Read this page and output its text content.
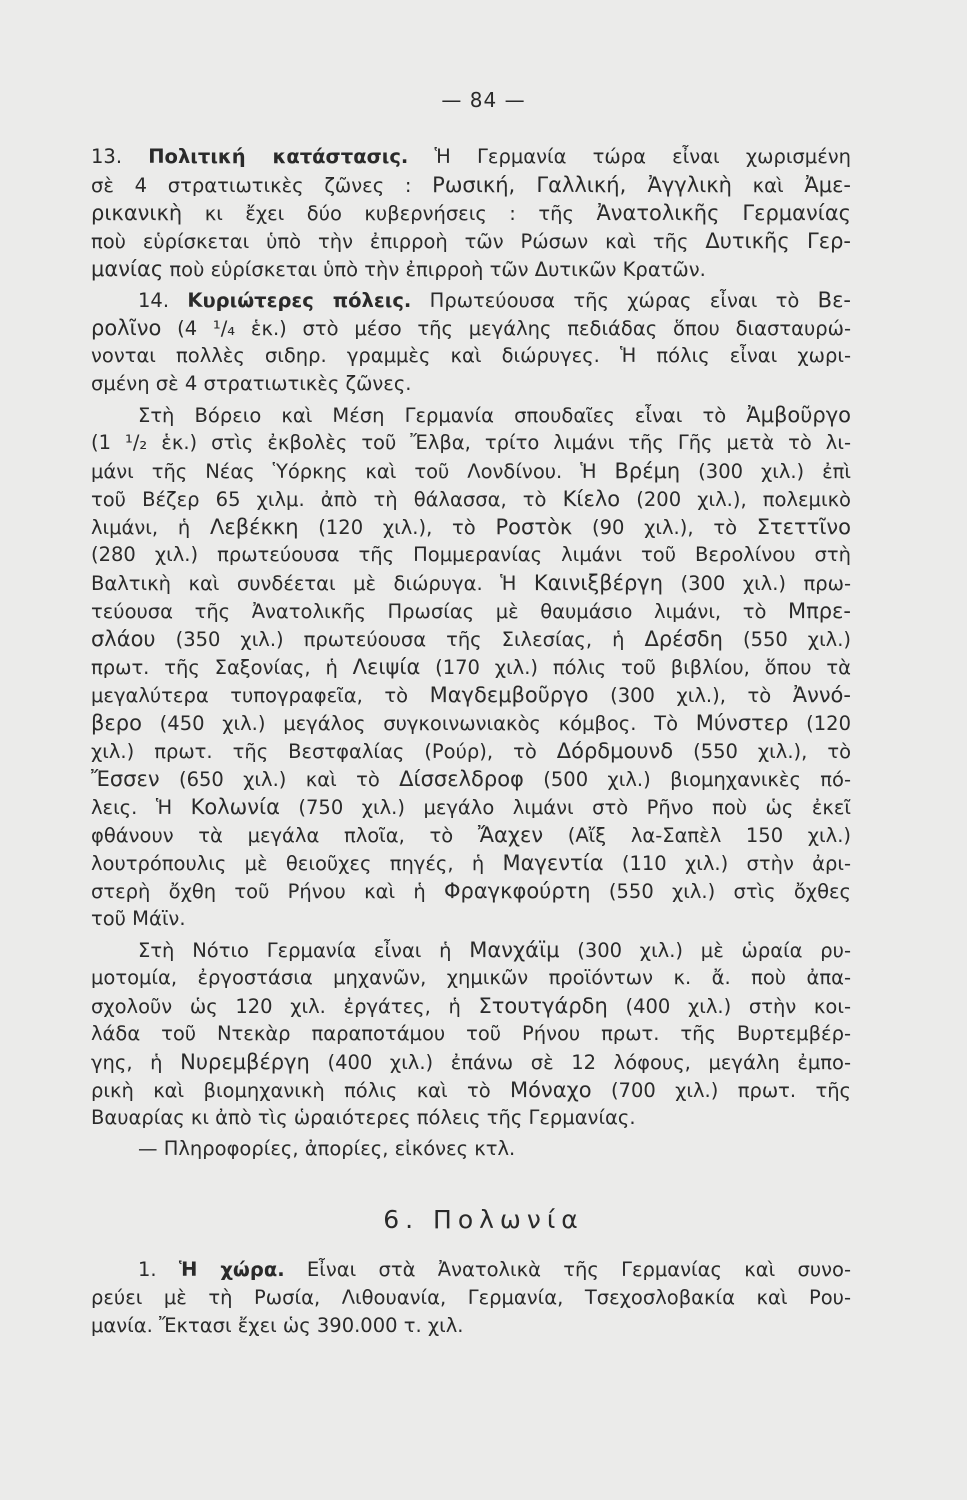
— 84 —
13. Πολιτική κατάστασις. Ἡ Γερμανία τώρα εἶναι χωρισμένη
σὲ 4 στρατιωτικὲς ζῶνες : Ρωσική, Γαλλική, Ἀγγλικὴ καὶ Ἀμε-
ρικανικὴ κι ἔχει δύο κυβερνήσεις : τῆς Ἀνατολικῆς Γερμανίας
ποὺ εὑρίσκεται ὑπὸ τὴν ἐπιρροὴ τῶν Ρώσων καὶ τῆς Δυτικῆς Γερ-
μανίας ποὺ εὑρίσκεται ὑπὸ τὴν ἐπιρροὴ τῶν Δυτικῶν Κρατῶν.
14. Κυριώτερες πόλεις. Πρωτεύουσα τῆς χώρας εἶναι τὸ Βε-
ρολῖνο (4 ¹/₄ ἑκ.) στὸ μέσο τῆς μεγάλης πεδιάδας ὅπου διασταυρώ-
νονται πολλὲς σιδηρ. γραμμὲς καὶ διώρυγες. Ἡ πόλις εἶναι χωρι-
σμένη σὲ 4 στρατιωτικὲς ζῶνες.
Στὴ Βόρειο καὶ Μέση Γερμανία σπουδαῖες εἶναι τὸ Ἀμβοῦργο
(1 ¹/₂ ἑκ.) στὶς ἐκβολὲς τοῦ Ἔλβα, τρίτο λιμάνι τῆς Γῆς μετὰ τὸ λι-
μάνι τῆς Νέας Ὑόρκης καὶ τοῦ Λονδίνου. Ἡ Βρέμη (300 χιλ.) ἐπὶ
τοῦ Βέζερ 65 χιλμ. ἀπὸ τὴ θάλασσα, τὸ Κίελο (200 χιλ.), πολεμικὸ
λιμάνι, ἡ Λεβέκκη (120 χιλ.), τὸ Ροστὸκ (90 χιλ.), τὸ Στεττῖνο
(280 χιλ.) πρωτεύουσα τῆς Πομμερανίας λιμάνι τοῦ Βερολίνου στὴ
Βαλτικὴ καὶ συνδέεται μὲ διώρυγα. Ἡ Καινιξβέργη (300 χιλ.) πρω-
τεύουσα τῆς Ἀνατολικῆς Πρωσίας μὲ θαυμάσιο λιμάνι, τὸ Μπρε-
σλάου (350 χιλ.) πρωτεύουσα τῆς Σιλεσίας, ἡ Δρέσδη (550 χιλ.)
πρωτ. τῆς Σαξονίας, ἡ Λειψία (170 χιλ.) πόλις τοῦ βιβλίου, ὅπου τὰ
μεγαλύτερα τυπογραφεῖα, τὸ Μαγδεμβοῦργο (300 χιλ.), τὸ Ἀννό-
βερο (450 χιλ.) μεγάλος συγκοινωνιακὸς κόμβος. Τὸ Μύνστερ (120
χιλ.) πρωτ. τῆς Βεστφαλίας (Ρούρ), τὸ Δόρδμουνδ (550 χιλ.), τὸ
Ἔσσεν (650 χιλ.) καὶ τὸ Δίσσελδροφ (500 χιλ.) βιομηχανικὲς πό-
λεις. Ἡ Κολωνία (750 χιλ.) μεγάλο λιμάνι στὸ Ρῆνο ποὺ ὡς ἐκεῖ
φθάνουν τὰ μεγάλα πλοῖα, τὸ Ἄαχεν (Αἴξ λα-Σαπὲλ 150 χιλ.)
λουτρόπουλις μὲ θειοῦχες πηγές, ἡ Μαγεντία (110 χιλ.) στὴν ἀρι-
στερὴ ὄχθη τοῦ Ρήνου καὶ ἡ Φραγκφούρτη (550 χιλ.) στὶς ὄχθες
τοῦ Μάϊν.
Στὴ Νότιο Γερμανία εἶναι ἡ Μανχάϊμ (300 χιλ.) μὲ ὡραία ρυ-
μοτομία, ἐργοστάσια μηχανῶν, χημικῶν προϊόντων κ. ἄ. ποὺ ἀπα-
σχολοῦν ὡς 120 χιλ. ἐργάτες, ἡ Στουτγάρδη (400 χιλ.) στὴν κοι-
λάδα τοῦ Ντεκὰρ παραποτάμου τοῦ Ρήνου πρωτ. τῆς Βυρτεμβέρ-
γης, ἡ Νυρεμβέργη (400 χιλ.) ἐπάνω σὲ 12 λόφους, μεγάλη ἐμπο-
ρικὴ καὶ βιομηχανικὴ πόλις καὶ τὸ Μόναχο (700 χιλ.) πρωτ. τῆς
Βαυαρίας κι ἀπὸ τὶς ὡραιότερες πόλεις τῆς Γερμανίας.
— Πληροφορίες, ἀπορίες, εἰκόνες κτλ.
1. Ἡ χώρα. Εἶναι στὰ Ἀνατολικὰ τῆς Γερμανίας καὶ συνο-
ρεύει μὲ τὴ Ρωσία, Λιθουανία, Γερμανία, Τσεχοσλοβακία καὶ Ρου-
μανία. Ἔκτασι ἔχει ὡς 390.000 τ. χιλ.
6. Πολωνία
